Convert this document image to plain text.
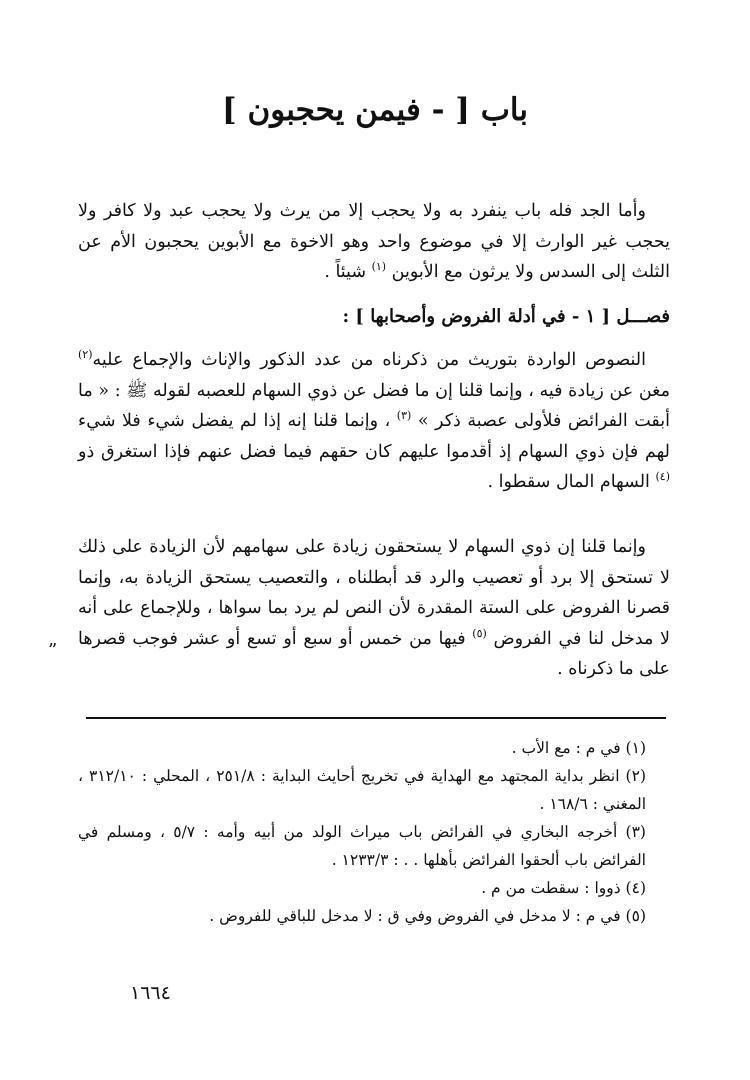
باب [ - فيمن يحجبون ]

وأما الجد فله باب ينفرد به ولا يحجب إلا من يرث ولا يحجب عبد ولا كافر ولا يحجب غير الوارث إلا في موضوع واحد وهو الاخوة مع الأبوين يحجبون الأم عن الثلث إلى السدس ولا يرثون مع الأبوين $^{(١)}$ شيئاً .

فصـــل [ ١ - في أدلة الفروض وأصحابها ] :

النصوص الواردة بتوريث من ذكرناه من عدد الذكور والإناث والإجماع عليه$^{(٢)}$ مغن عن زيادة فيه ، وإنما قلنا إن ما فضل عن ذوي السهام للعصبه لقوله ﷺ : « ما أبقت الفرائض فلأولى عصبة ذكر » $^{(٣)}$ ، وإنما قلنا إنه إذا لم يفضل شيء فلا شيء لهم فإن ذوي السهام إذ أقدموا عليهم كان حقهم فيما فضل عنهم فإذا استغرق ذو $^{(٤)}$ السهام المال سقطوا .

وإنما قلنا إن ذوي السهام لا يستحقون زيادة على سهامهم لأن الزيادة على ذلك لا تستحق إلا برد أو تعصيب والرد قد أبطلناه ، والتعصيب يستحق الزيادة به، وإنما قصرنا الفروض على الستة المقدرة لأن النص لم يرد بما سواها ، وللإجماع على أنه لا مدخل لنا في الفروض $^{(٥)}$ فيها من خمس أو سبع أو تسع أو عشر فوجب قصرها على ما ذكرناه .

”

(١) في م : مع الأب .

(٢) انظر بداية المجتهد مع الهداية في تخريج أحايث البداية : ٢٥١/٨ ، المحلي : ٣١٢/١٠ ، المغني : ١٦٨/٦ .

(٣) أخرجه البخاري في الفرائض باب ميراث الولد من أبيه وأمه : ٥/٧ ، ومسلم في الفرائض باب ألحقوا الفرائض بأهلها . . : ١٢٣٣/٣ .

(٤) ذووا : سقطت من م .

(٥) في م : لا مدخل في الفروض وفي ق : لا مدخل للباقي للفروض .

١٦٦٤
